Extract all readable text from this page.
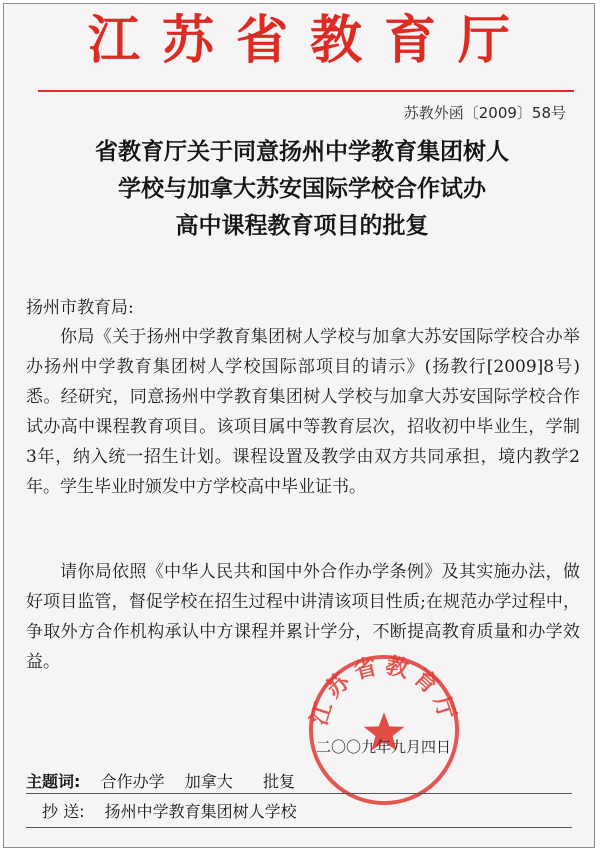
江苏省教育厅
苏教外函〔2009〕58号
省教育厅关于同意扬州中学教育集团树人
学校与加拿大苏安国际学校合作试办
高中课程教育项目的批复
扬州市教育局:

你局《关于扬州中学教育集团树人学校与加拿大苏安国际学校合办举办扬州中学教育集团树人学校国际部项目的请示》(扬教行[2009]8号)悉。经研究，同意扬州中学教育集团树人学校与加拿大苏安国际学校合作试办高中课程教育项目。该项目属中等教育层次，招收初中毕业生，学制3年，纳入统一招生计划。课程设置及教学由双方共同承担，境内教学2年。学生毕业时颁发中方学校高中毕业证书。

请你局依照《中华人民共和国中外合作办学条例》及其实施办法，做好项目监管，督促学校在招生过程中讲清该项目性质;在规范办学过程中，争取外方合作机构承认中方课程并累计学分，不断提高教育质量和办学效益。

江苏省教育厅
二〇〇九年九月四日
主题词: 合作办学 加拿大 批复
抄 送: 扬州中学教育集团树人学校
